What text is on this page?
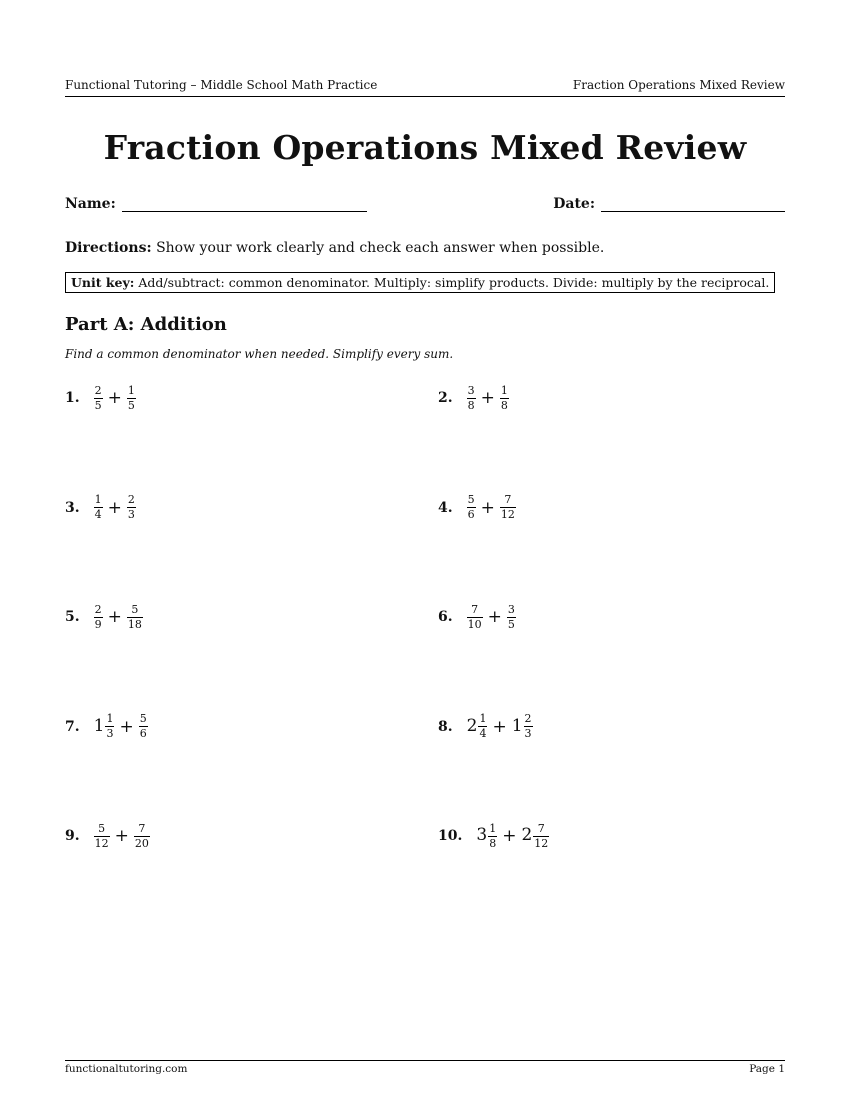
Functional Tutoring – Middle School Math Practice	Fraction Operations Mixed Review
Fraction Operations Mixed Review
Name:	Date:
Directions: Show your work clearly and check each answer when possible.
Unit key: Add/subtract: common denominator. Multiply: simplify products. Divide: multiply by the reciprocal.
Part A: Addition
Find a common denominator when needed. Simplify every sum.
1. $\frac{2}{5} + \frac{1}{5}$	2. $\frac{3}{8} + \frac{1}{8}$
3. $\frac{1}{4} + \frac{2}{3}$	4. $\frac{5}{6} + \frac{7}{12}$
5. $\frac{2}{9} + \frac{5}{18}$	6. $\frac{7}{10} + \frac{3}{5}$
7. $1 \frac{1}{3} + \frac{5}{6}$	8. $2 \frac{1}{4} + 1 \frac{2}{3}$
9. $\frac{5}{12} + \frac{7}{20}$	10. $3 \frac{1}{8} + 2 \frac{7}{12}$
functionaltutoring.com	Page 1
